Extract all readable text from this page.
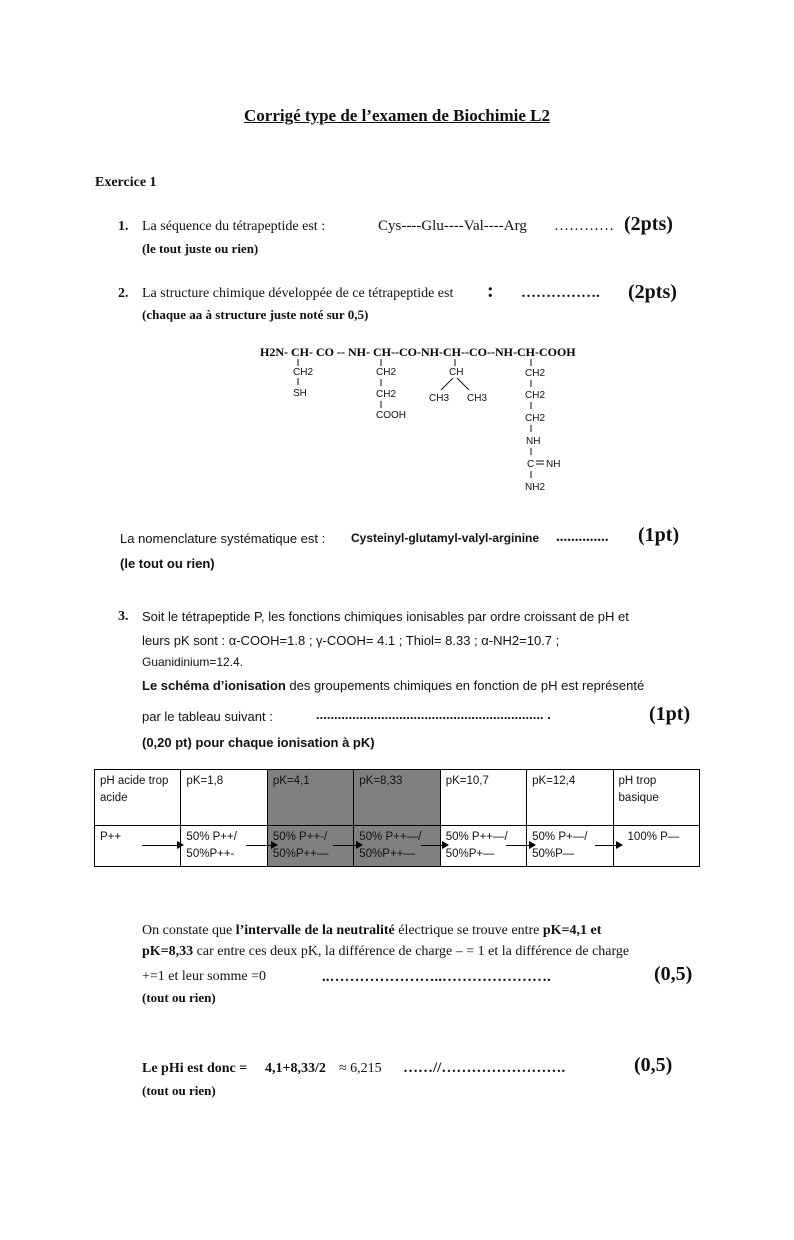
Corrigé type de l’examen de Biochimie L2
Exercice 1
1. La séquence du tétrapeptide est :	Cys----Glu----Val----Arg ………… (2pts)
(le tout juste ou rien)
2. La structure chimique développée de ce tétrapeptide est : ……………. (2pts)
(chaque aa à structure juste noté sur 0,5)
H2N- CH- CO -- NH- CH--CO-NH-CH--CO--NH-CH-COOH
CH2
SH
CH2
CH2
COOH
CH
CH3 CH3
CH2
CH2
CH2
NH
C NH
NH2
La nomenclature systématique est : Cysteinyl-glutamyl-valyl-arginine .............. (1pt)
(le tout ou rien)
3. Soit le tétrapeptide P, les fonctions chimiques ionisables par ordre croissant de pH et
leurs pK sont : α-COOH=1.8 ; γ-COOH= 4.1 ; Thiol= 8.33 ; α-NH2=10.7 ;
Guanidinium=12.4.
Le schéma d’ionisation des groupements chimiques en fonction de pH est représenté
par le tableau suivant :	............................................................... .	(1pt)
(0,20 pt) pour chaque ionisation à pK)
pH acide trop acide	pK=1,8	pK=4,1	pK=8,33	pK=10,7	pK=12,4	pH trop basique
P++	50% P++/ 50%P++-	50% P++-/ 50%P++—	50% P++—/ 50%P++—	50% P++—/ 50%P+—	50% P+—/ 50%P—	100% P—
On constate que l’intervalle de la neutralité électrique se trouve entre pK=4,1 et
pK=8,33 car entre ces deux pK, la différence de charge – = 1 et la différence de charge
+=1 et leur somme =0	..…………………..………………….	(0,5)
(tout ou rien)
Le pHi est donc = 4,1+8,33/2 ≈ 6,215 ……//…………………….	(0,5)
(tout ou rien)
